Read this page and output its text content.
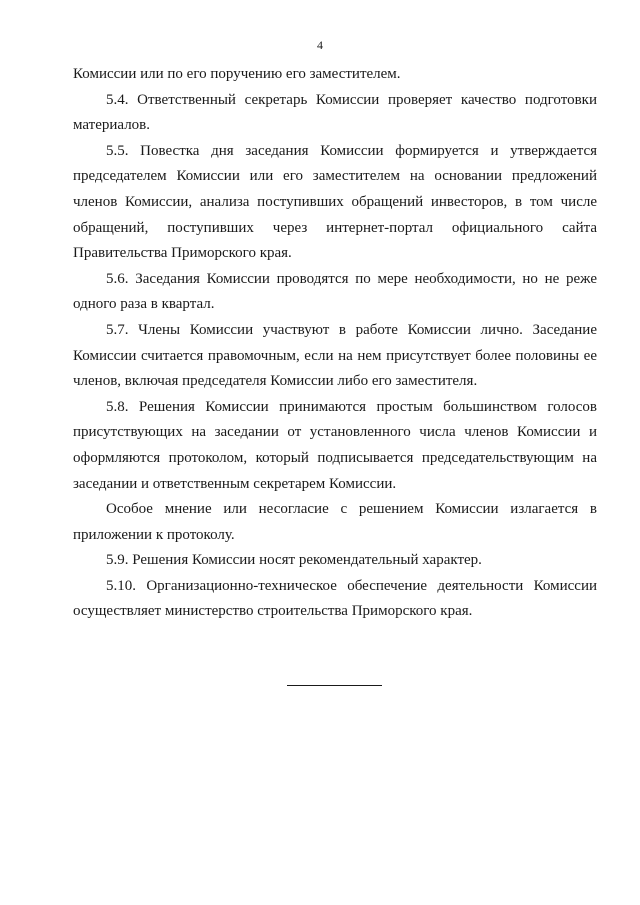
4

Комиссии или по его поручению его заместителем.

5.4. Ответственный секретарь Комиссии проверяет качество подготовки материалов.

5.5. Повестка дня заседания Комиссии формируется и утверждается председателем Комиссии или его заместителем на основании предложений членов Комиссии, анализа поступивших обращений инвесторов, в том числе обращений, поступивших через интернет-портал официального сайта Правительства Приморского края.

5.6. Заседания Комиссии проводятся по мере необходимости, но не реже одного раза в квартал.

5.7. Члены Комиссии участвуют в работе Комиссии лично. Заседание Комиссии считается правомочным, если на нем присутствует более половины ее членов, включая председателя Комиссии либо его заместителя.

5.8. Решения Комиссии принимаются простым большинством голосов присутствующих на заседании от установленного числа членов Комиссии и оформляются протоколом, который подписывается председательствующим на заседании и ответственным секретарем Комиссии.

Особое мнение или несогласие с решением Комиссии излагается в приложении к протоколу.

5.9. Решения Комиссии носят рекомендательный характер.

5.10. Организационно-техническое обеспечение деятельности Комиссии осуществляет министерство строительства Приморского края.
